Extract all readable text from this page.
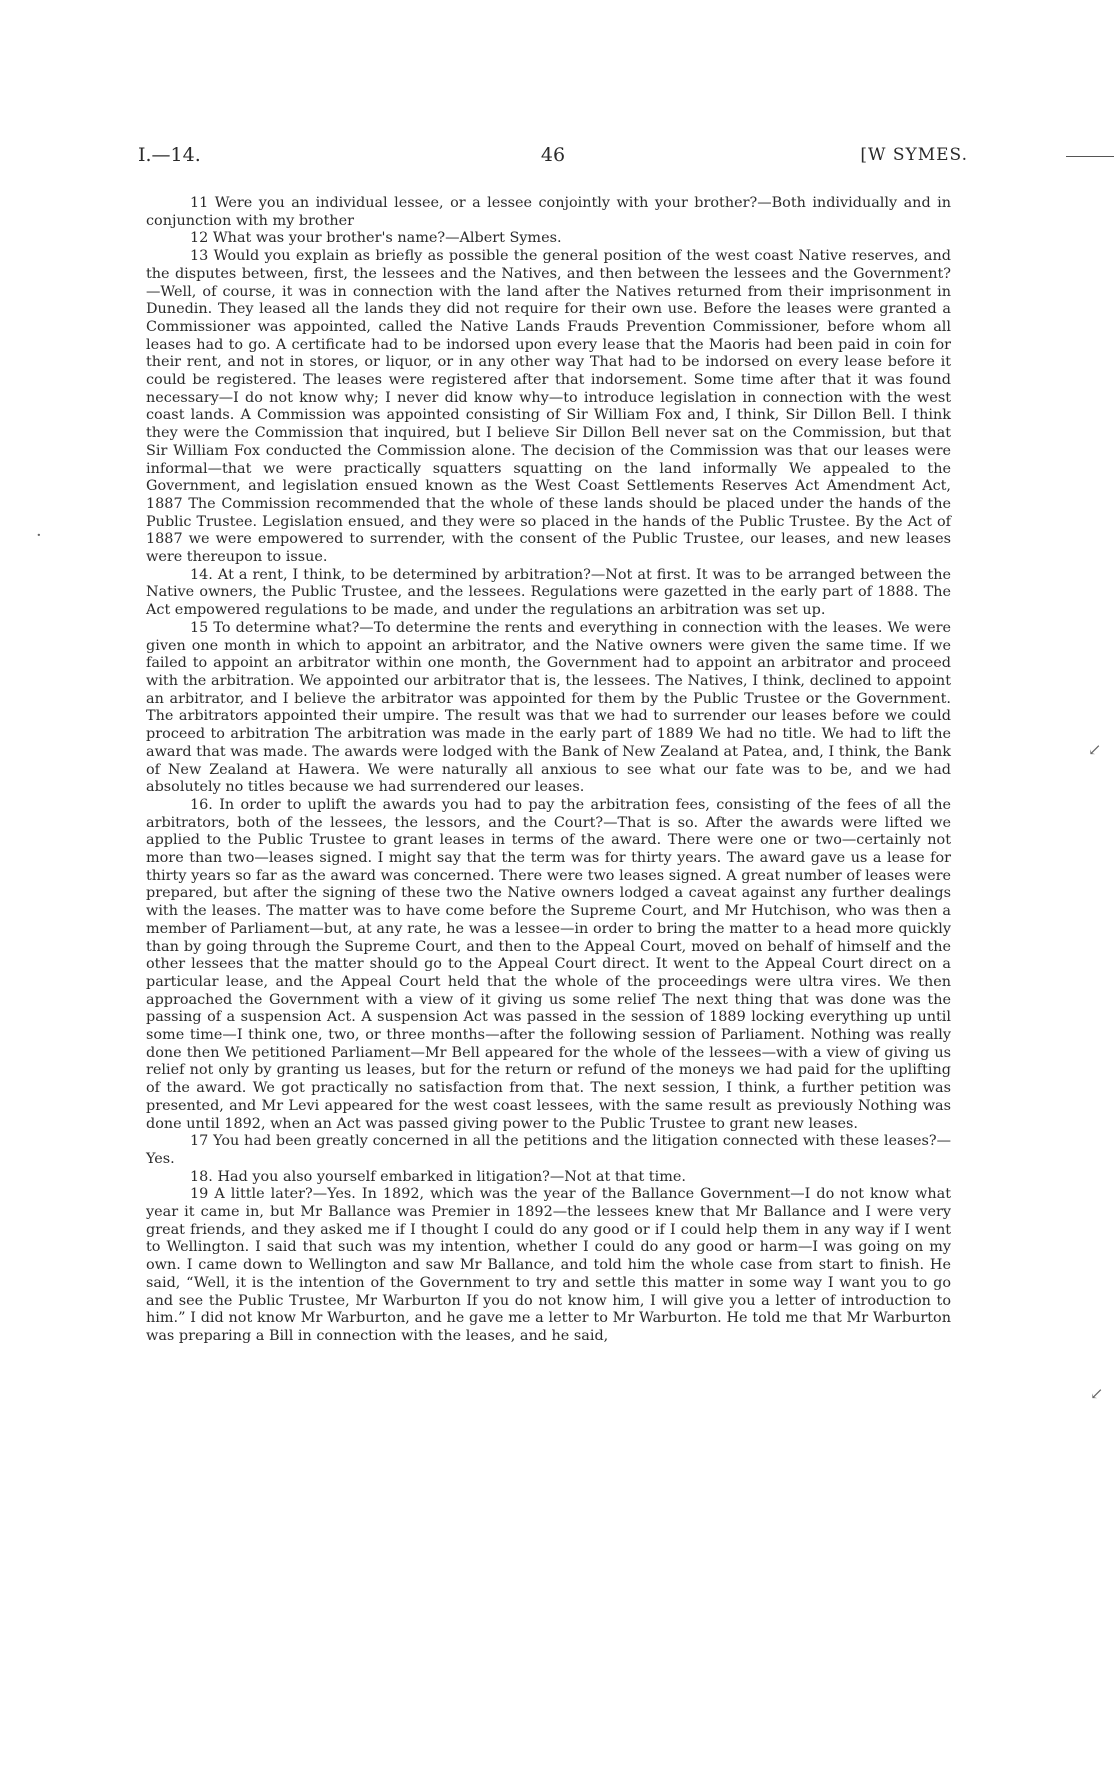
I.—14.	46	[W SYMES.
·
↙
↙

11 Were you an individual lessee, or a lessee conjointly with your brother?—Both individually and in conjunction with my brother

12 What was your brother's name?—Albert Symes.

13 Would you explain as briefly as possible the general position of the west coast Native reserves, and the disputes between, first, the lessees and the Natives, and then between the lessees and the Government?—Well, of course, it was in connection with the land after the Natives returned from their imprisonment in Dunedin. They leased all the lands they did not require for their own use. Before the leases were granted a Commissioner was appointed, called the Native Lands Frauds Prevention Commissioner, before whom all leases had to go. A certificate had to be indorsed upon every lease that the Maoris had been paid in coin for their rent, and not in stores, or liquor, or in any other way That had to be indorsed on every lease before it could be registered. The leases were registered after that indorsement. Some time after that it was found necessary—I do not know why; I never did know why—to introduce legislation in connection with the west coast lands. A Commission was appointed consisting of Sir William Fox and, I think, Sir Dillon Bell. I think they were the Commission that inquired, but I believe Sir Dillon Bell never sat on the Commission, but that Sir William Fox conducted the Commission alone. The decision of the Commission was that our leases were informal—that we were practically squatters squatting on the land informally We appealed to the Government, and legislation ensued known as the West Coast Settlements Reserves Act Amendment Act, 1887 The Commission recommended that the whole of these lands should be placed under the hands of the Public Trustee. Legislation ensued, and they were so placed in the hands of the Public Trustee. By the Act of 1887 we were empowered to surrender, with the consent of the Public Trustee, our leases, and new leases were thereupon to issue.

14. At a rent, I think, to be determined by arbitration?—Not at first. It was to be arranged between the Native owners, the Public Trustee, and the lessees. Regulations were gazetted in the early part of 1888. The Act empowered regulations to be made, and under the regulations an arbitration was set up.

15 To determine what?—To determine the rents and everything in connection with the leases. We were given one month in which to appoint an arbitrator, and the Native owners were given the same time. If we failed to appoint an arbitrator within one month, the Government had to appoint an arbitrator and proceed with the arbitration. We appointed our arbitrator that is, the lessees. The Natives, I think, declined to appoint an arbitrator, and I believe the arbitrator was appointed for them by the Public Trustee or the Government. The arbitrators appointed their umpire. The result was that we had to surrender our leases before we could proceed to arbitration The arbitration was made in the early part of 1889 We had no title. We had to lift the award that was made. The awards were lodged with the Bank of New Zealand at Patea, and, I think, the Bank of New Zealand at Hawera. We were naturally all anxious to see what our fate was to be, and we had absolutely no titles because we had surrendered our leases.

16. In order to uplift the awards you had to pay the arbitration fees, consisting of the fees of all the arbitrators, both of the lessees, the lessors, and the Court?—That is so. After the awards were lifted we applied to the Public Trustee to grant leases in terms of the award. There were one or two—certainly not more than two—leases signed. I might say that the term was for thirty years. The award gave us a lease for thirty years so far as the award was concerned. There were two leases signed. A great number of leases were prepared, but after the signing of these two the Native owners lodged a caveat against any further dealings with the leases. The matter was to have come before the Supreme Court, and Mr Hutchison, who was then a member of Parliament—but, at any rate, he was a lessee—in order to bring the matter to a head more quickly than by going through the Supreme Court, and then to the Appeal Court, moved on behalf of himself and the other lessees that the matter should go to the Appeal Court direct. It went to the Appeal Court direct on a particular lease, and the Appeal Court held that the whole of the proceedings were ultra vires. We then approached the Government with a view of it giving us some relief The next thing that was done was the passing of a suspension Act. A suspension Act was passed in the session of 1889 locking everything up until some time—I think one, two, or three months—after the following session of Parliament. Nothing was really done then We petitioned Parliament—Mr Bell appeared for the whole of the lessees—with a view of giving us relief not only by granting us leases, but for the return or refund of the moneys we had paid for the uplifting of the award. We got practically no satisfaction from that. The next session, I think, a further petition was presented, and Mr Levi appeared for the west coast lessees, with the same result as previously Nothing was done until 1892, when an Act was passed giving power to the Public Trustee to grant new leases.

17 You had been greatly concerned in all the petitions and the litigation connected with these leases?—Yes.

18. Had you also yourself embarked in litigation?—Not at that time.

19 A little later?—Yes. In 1892, which was the year of the Ballance Government—I do not know what year it came in, but Mr Ballance was Premier in 1892—the lessees knew that Mr Ballance and I were very great friends, and they asked me if I thought I could do any good or if I could help them in any way if I went to Wellington. I said that such was my intention, whether I could do any good or harm—I was going on my own. I came down to Wellington and saw Mr Ballance, and told him the whole case from start to finish. He said, “Well, it is the intention of the Government to try and settle this matter in some way I want you to go and see the Public Trustee, Mr Warburton If you do not know him, I will give you a letter of introduction to him.” I did not know Mr Warburton, and he gave me a letter to Mr Warburton. He told me that Mr Warburton was preparing a Bill in connection with the leases, and he said,
